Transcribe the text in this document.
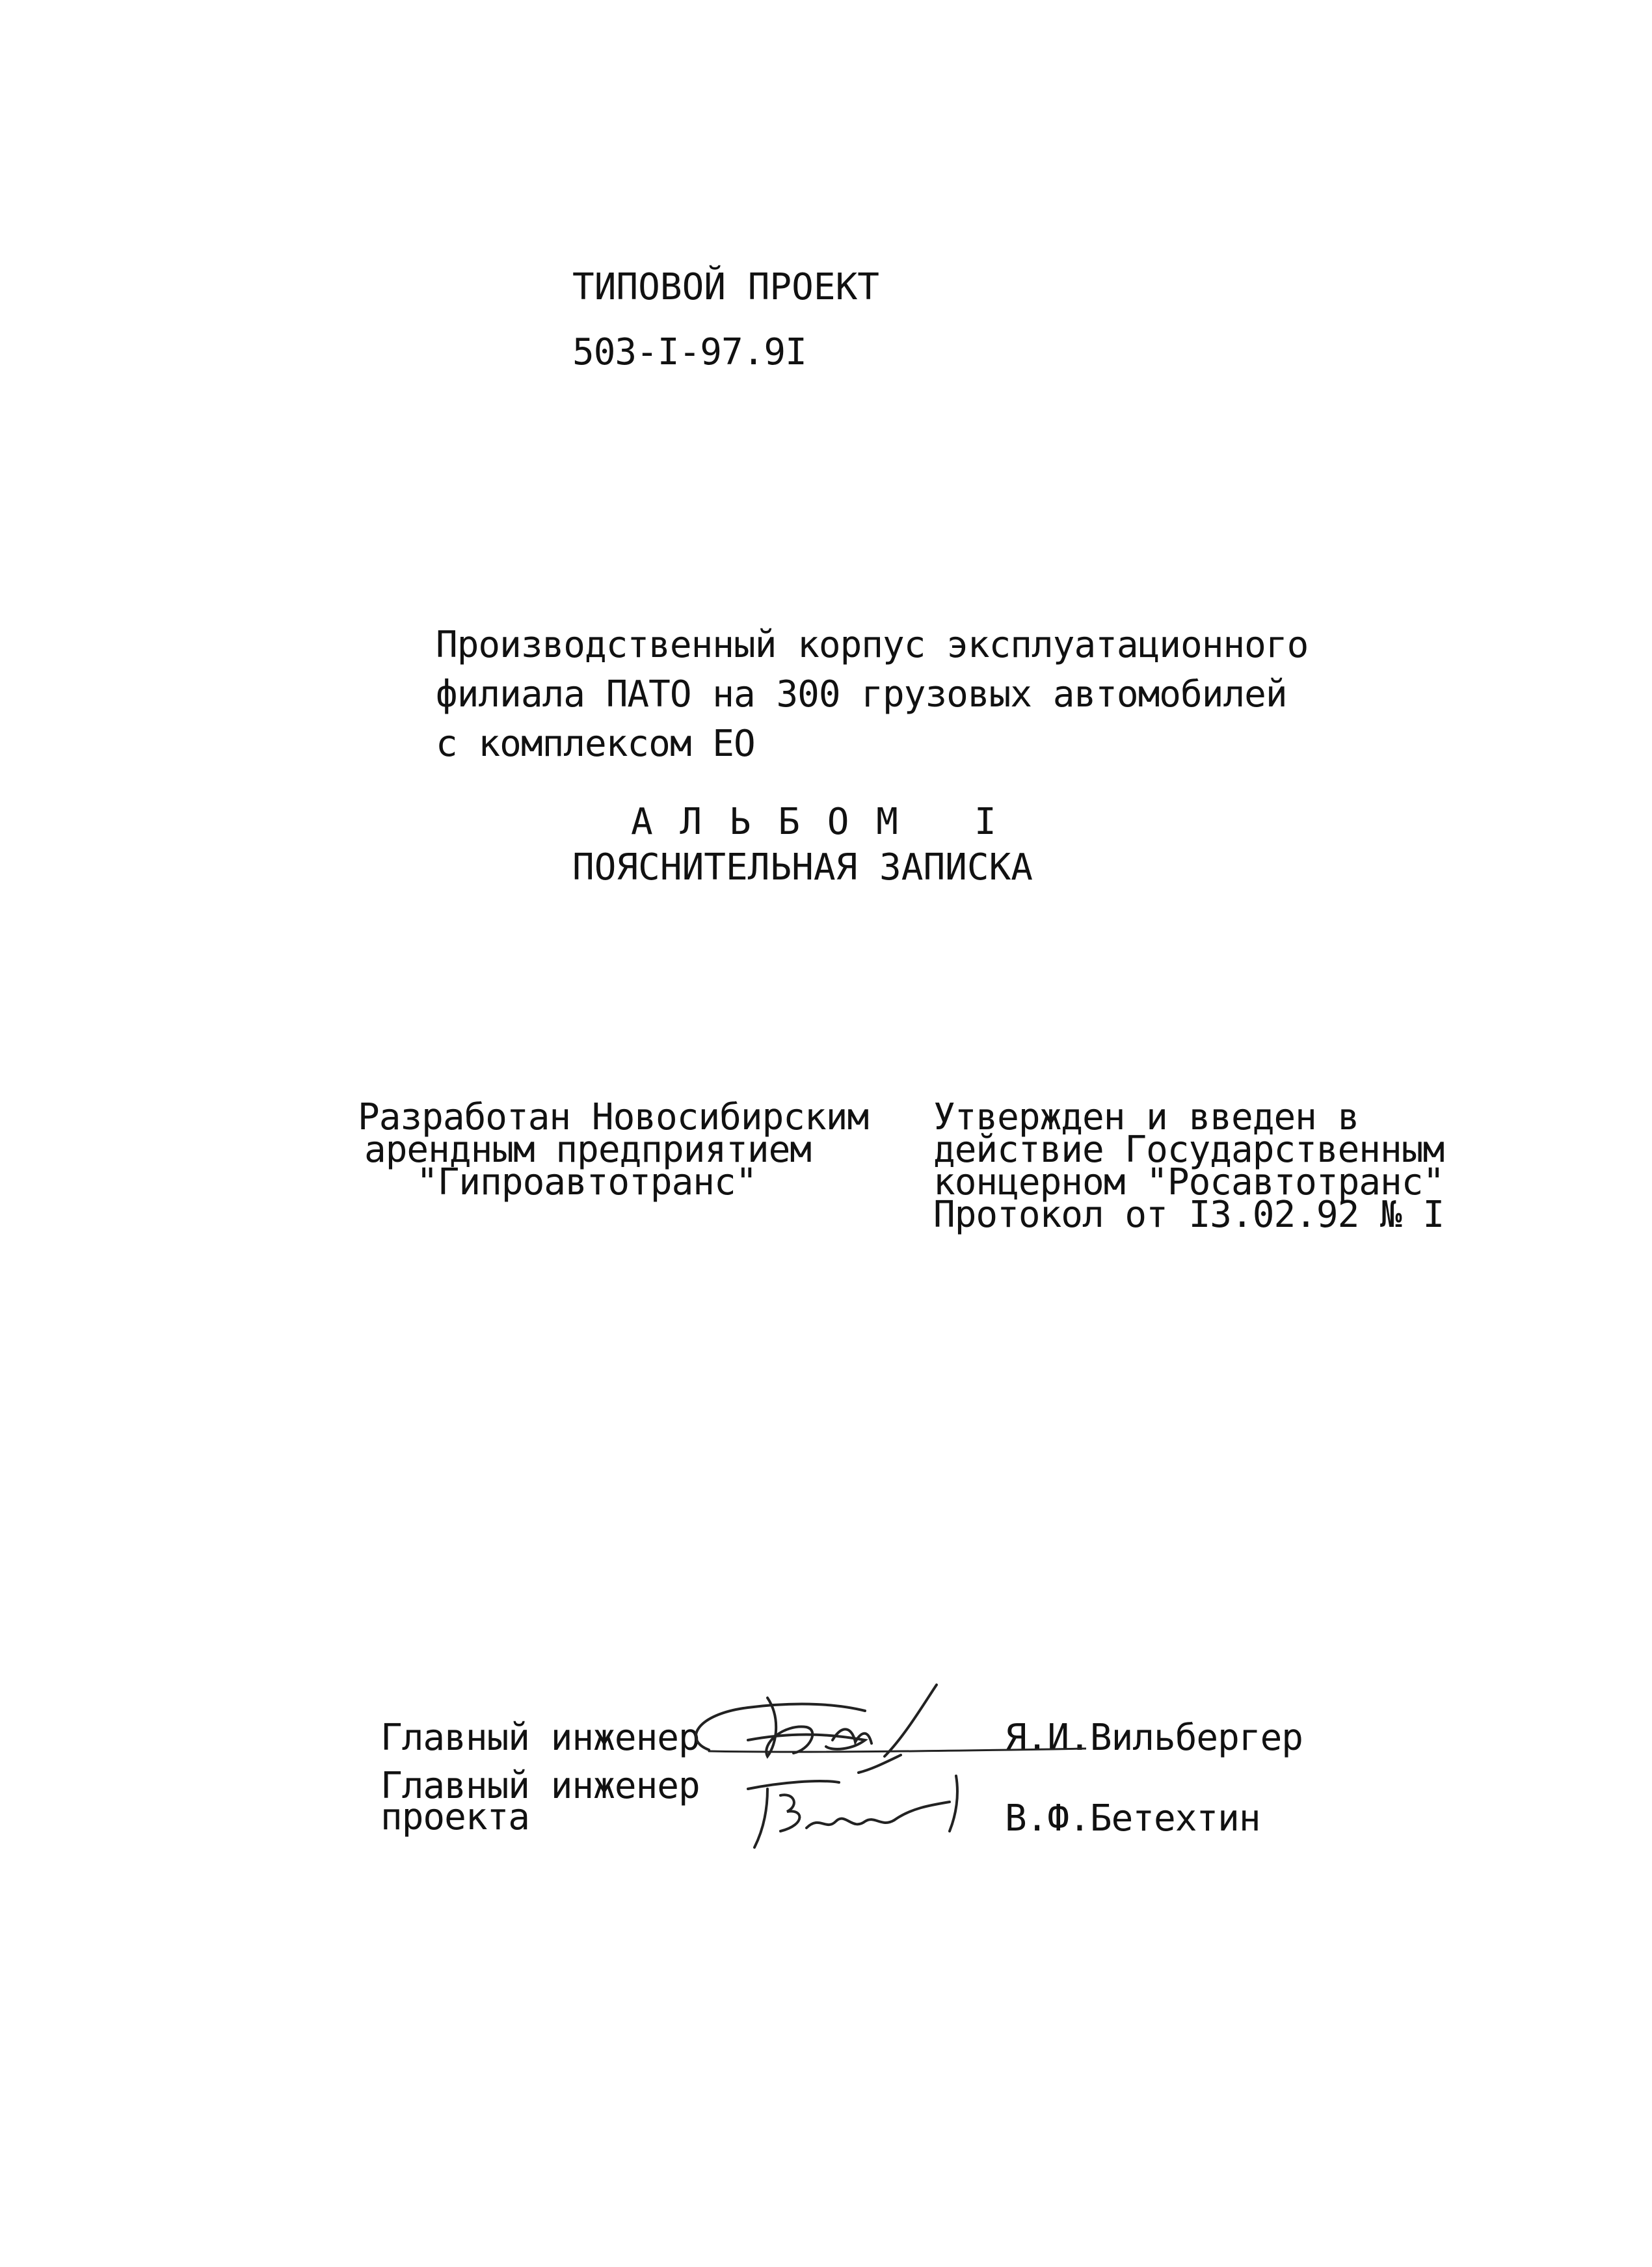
ТИПОВОЙ ПРОЕКТ
503-I-97.9I
Производственный корпус эксплуатационного
филиала ПАТО на 300 грузовых автомобилей
с комплексом ЕО
А Л Ь Б О М   I
ПОЯСНИТЕЛЬНАЯ ЗАПИСКА
Разработан Новосибирским
арендным предприятием
"Гипроавтотранс"
Утвержден и введен в
действие Государственным
концерном "Росавтотранс"
Протокол от I3.02.92 № I
Главный инженер	Я.И.Вильбергер
Главный инженер
проекта	В.Ф.Бетехтин
